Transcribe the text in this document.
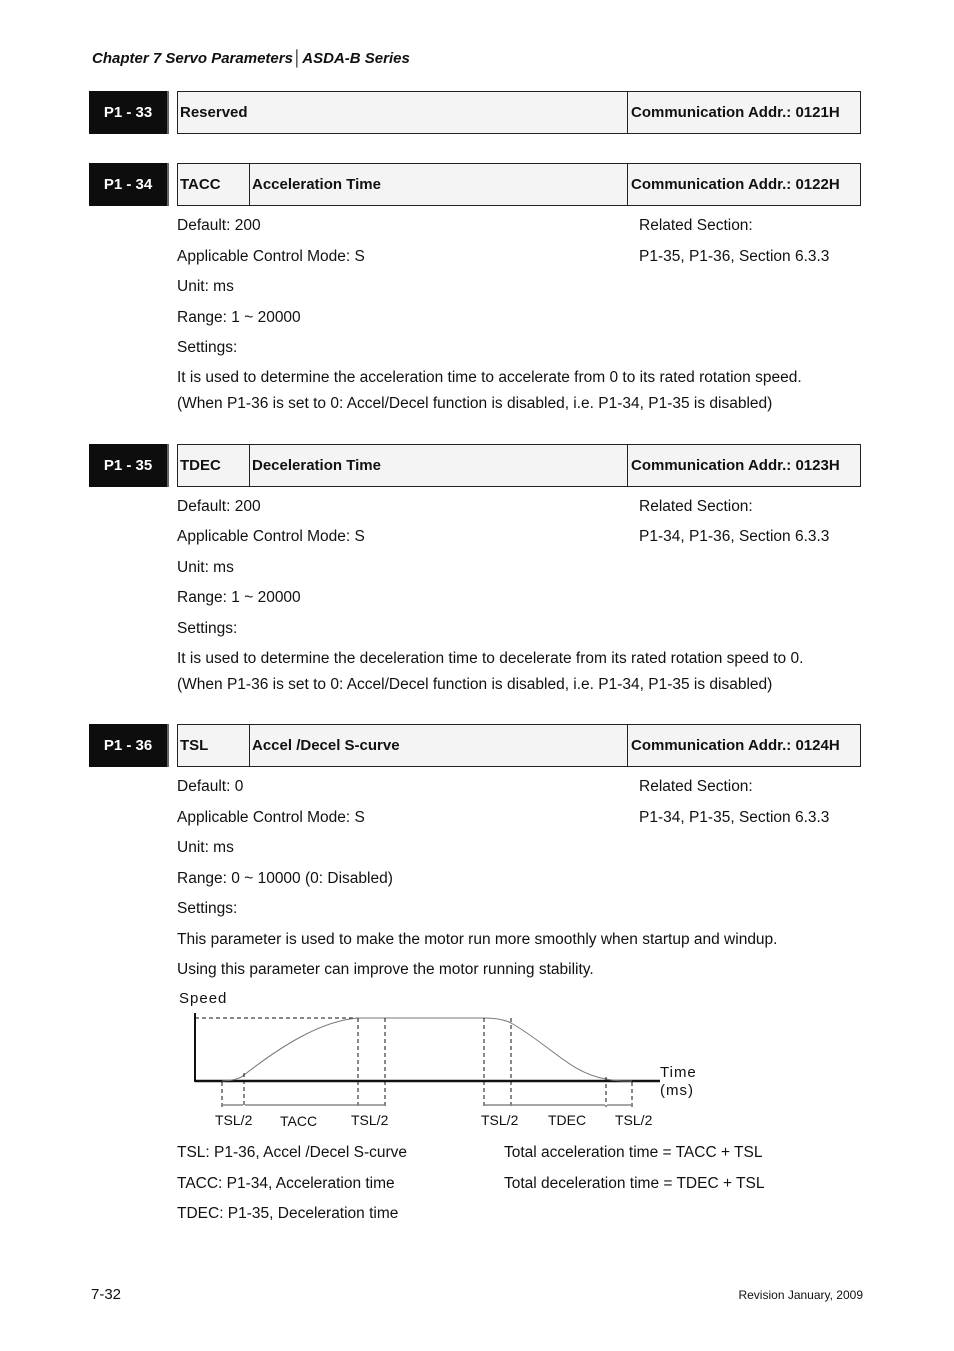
Chapter 7 Servo Parameters│ASDA-B Series
P1 - 33	Reserved	Communication Addr.: 0121H
P1 - 34	TACC	Acceleration Time	Communication Addr.: 0122H
Default: 200	Related Section:
Applicable Control Mode: S	P1-35, P1-36, Section 6.3.3
Unit: ms
Range: 1 ~ 20000
Settings:
It is used to determine the acceleration time to accelerate from 0 to its rated rotation speed.
(When P1-36 is set to 0: Accel/Decel function is disabled, i.e. P1-34, P1-35 is disabled)
P1 - 35	TDEC	Deceleration Time	Communication Addr.: 0123H
Default: 200	Related Section:
Applicable Control Mode: S	P1-34, P1-36, Section 6.3.3
Unit: ms
Range: 1 ~ 20000
Settings:
It is used to determine the deceleration time to decelerate from its rated rotation speed to 0.
(When P1-36 is set to 0: Accel/Decel function is disabled, i.e. P1-34, P1-35 is disabled)
P1 - 36	TSL	Accel /Decel S-curve	Communication Addr.: 0124H
Default: 0	Related Section:
Applicable Control Mode: S	P1-34, P1-35, Section 6.3.3
Unit: ms
Range: 0 ~ 10000 (0: Disabled)
Settings:
This parameter is used to make the motor run more smoothly when startup and windup.
Using this parameter can improve the motor running stability.
Speed
Time
(ms)
TSL/2 TACC TSL/2	TSL/2 TDEC TSL/2
TSL: P1-36, Accel /Decel S-curve	Total acceleration time = TACC + TSL
TACC: P1-34, Acceleration time	Total deceleration time = TDEC + TSL
TDEC: P1-35, Deceleration time
7-32	Revision January, 2009
